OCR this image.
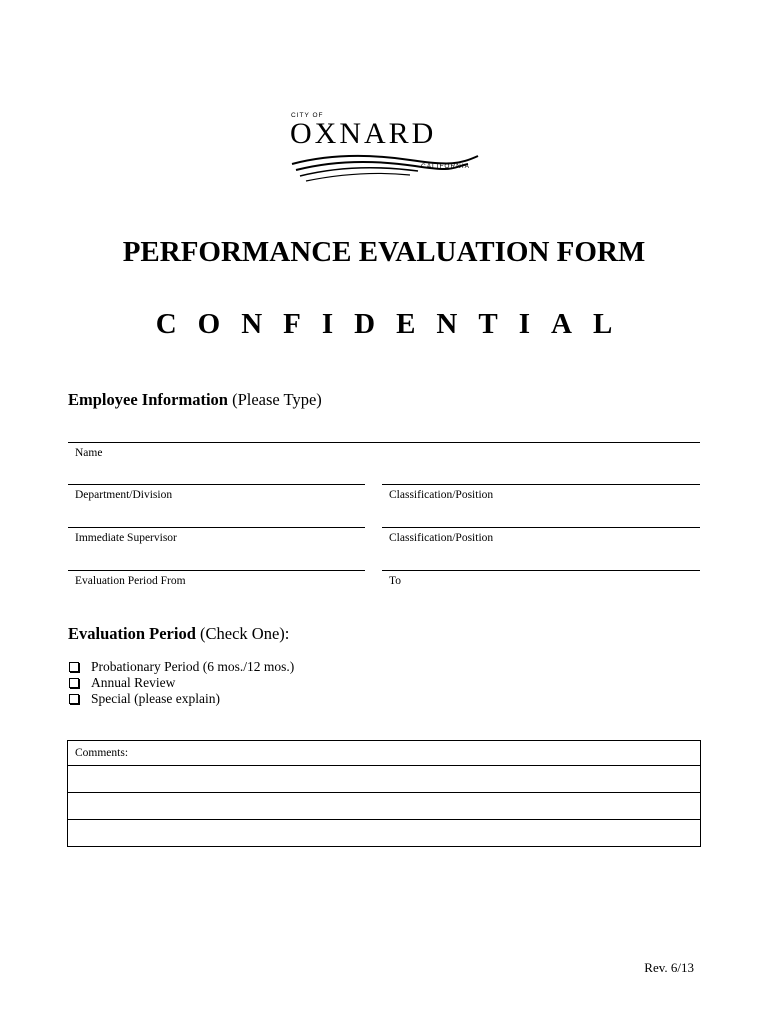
CITY OF
OXNARD
CALIFORNIA
PERFORMANCE EVALUATION FORM
CONFIDENTIAL
Employee Information (Please Type)
Name
Department/Division	Classification/Position
Immediate Supervisor	Classification/Position
Evaluation Period From	To
Evaluation Period (Check One):
Probationary Period (6 mos./12 mos.)
Annual Review
Special (please explain)
Comments:
Rev. 6/13
